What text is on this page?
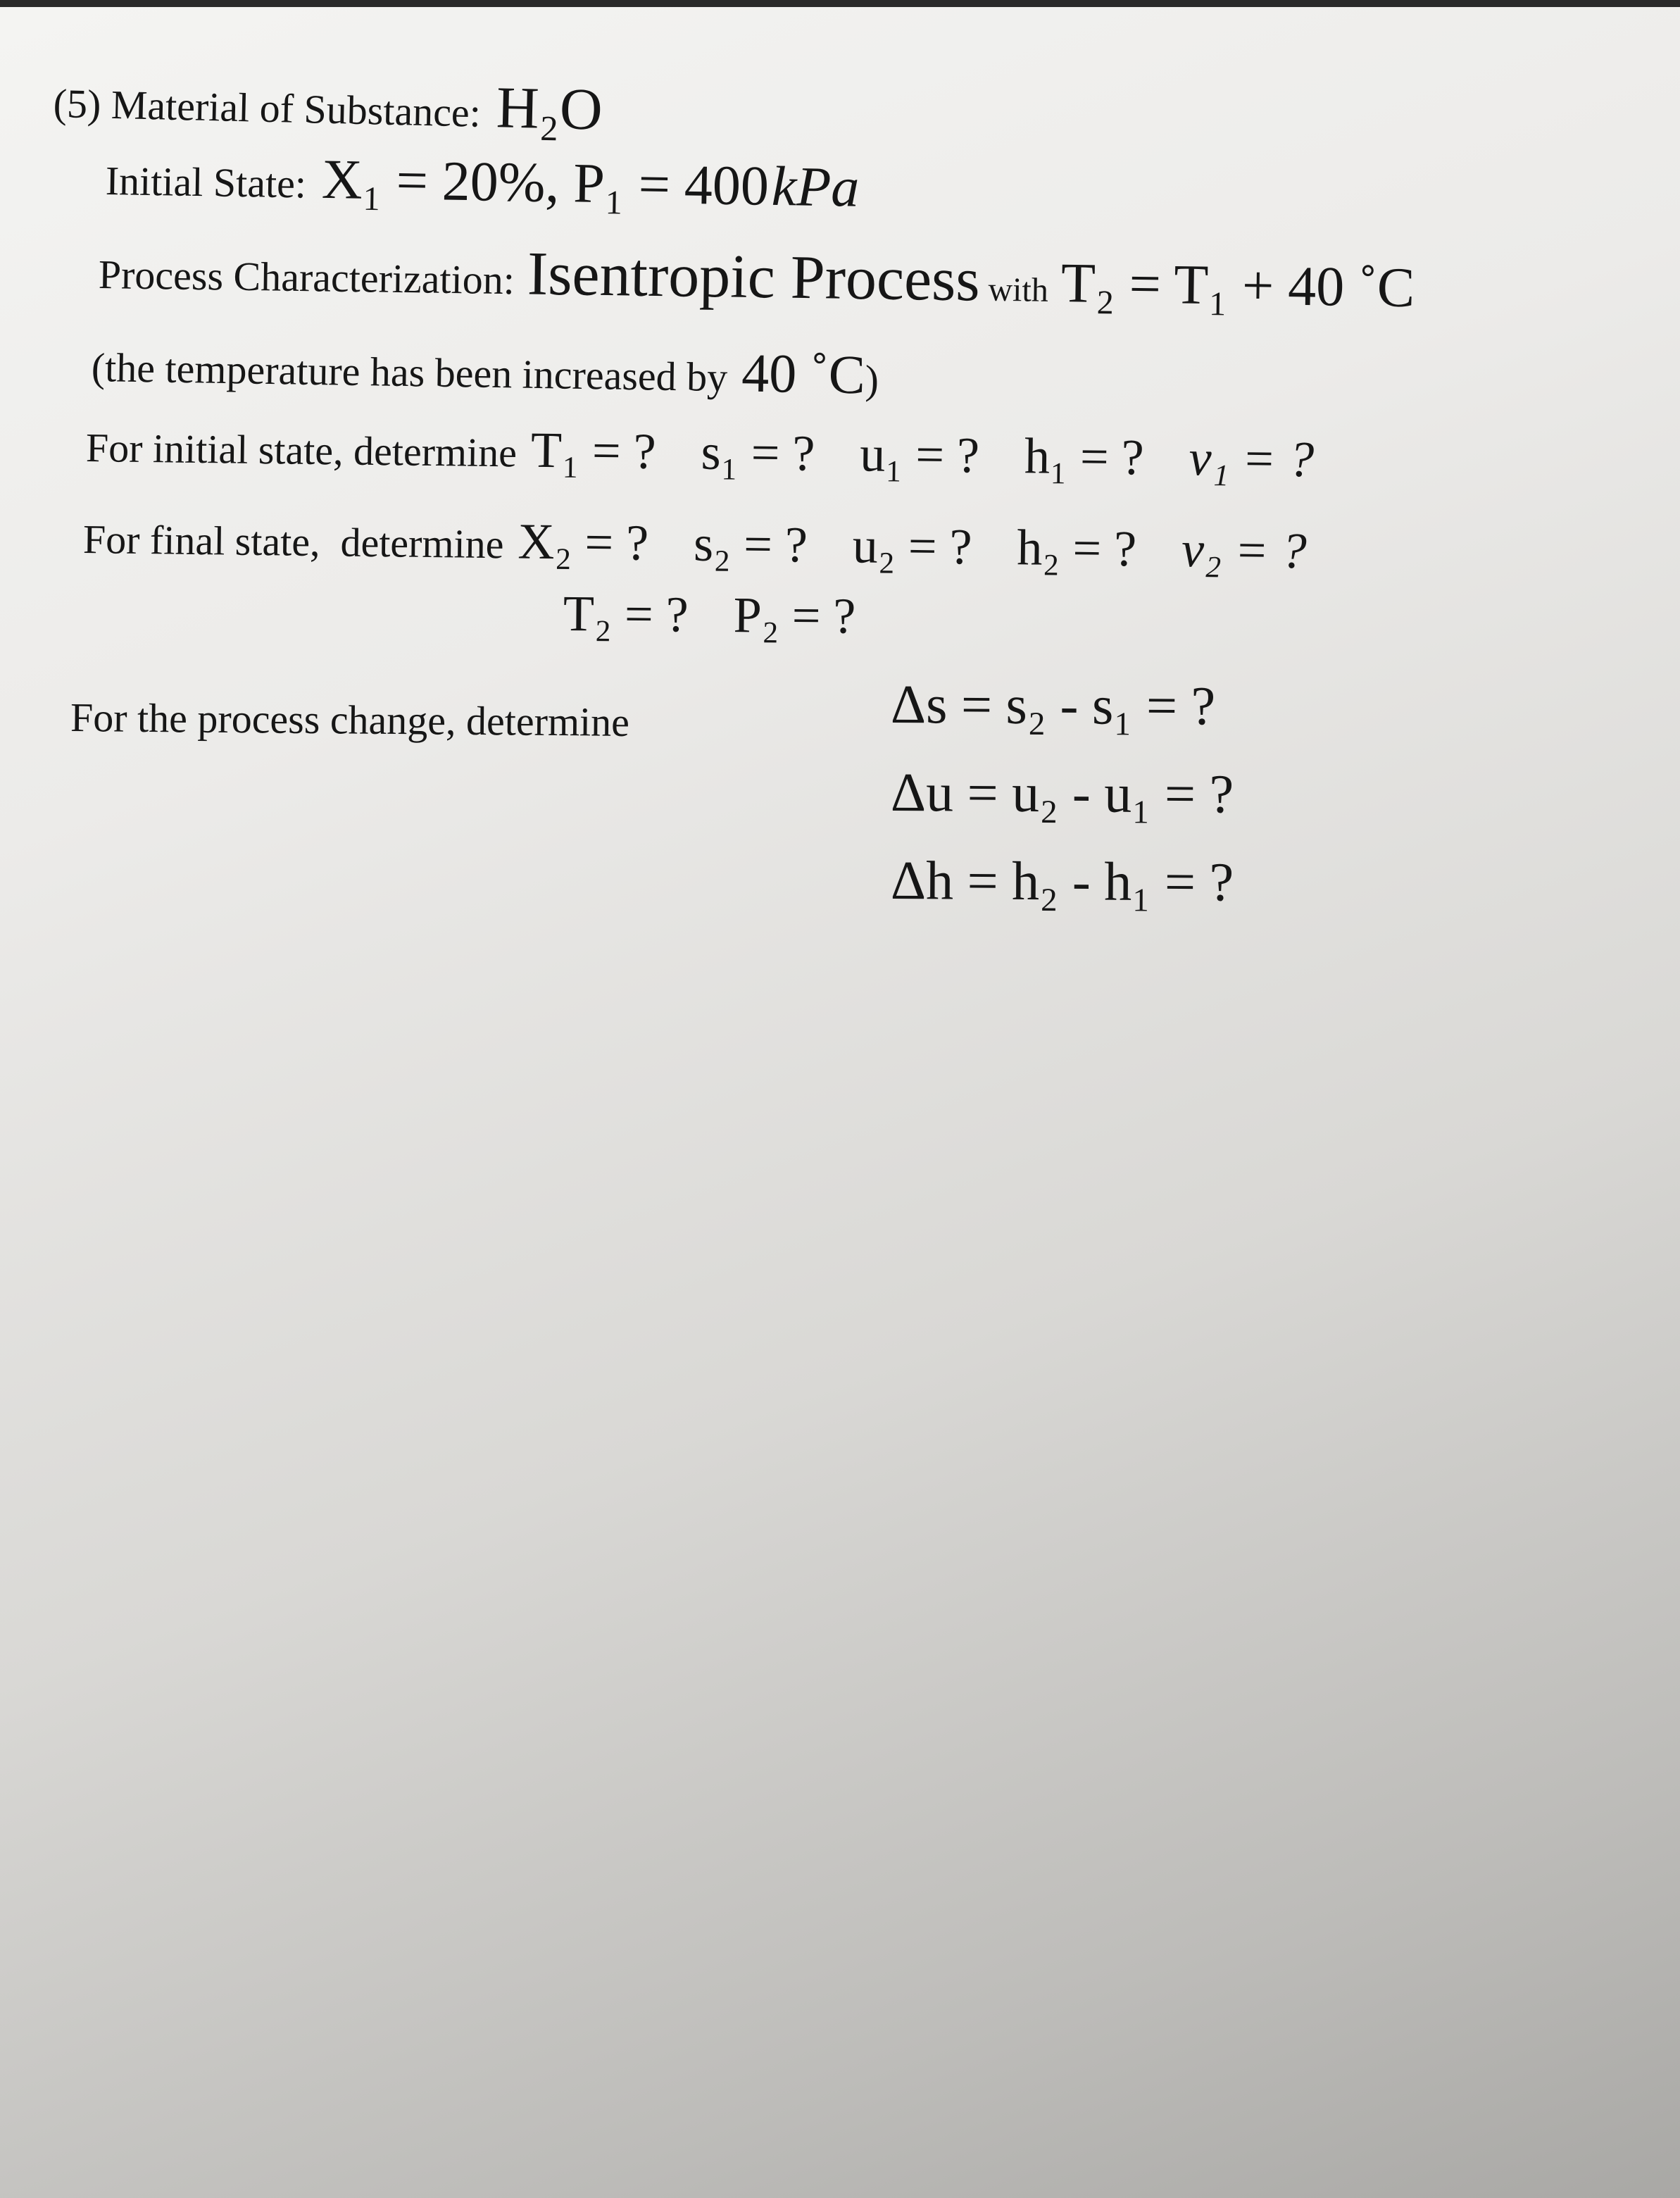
(5) Material of Substance: H₂O
Initial State: X₁ = 20%, P₁ = 400 kPa
Process Characterization: Isentropic Process with T₂ = T₁ + 40 ˚C
(the temperature has been increased by 40 ˚C)
For initial state, determine T₁ = ? s₁ = ? u₁ = ? h₁ = ? ν₁ = ?
For final state,  determine X₂ = ? s₂ = ? u₂ = ? h₂ = ? ν₂ = ?
T₂ = ? P₂ = ?
For the process change, determine	Δs = s₂ - s₁ = ?
Δu = u₂ - u₁ = ?
Δh = h₂ - h₁ = ?
